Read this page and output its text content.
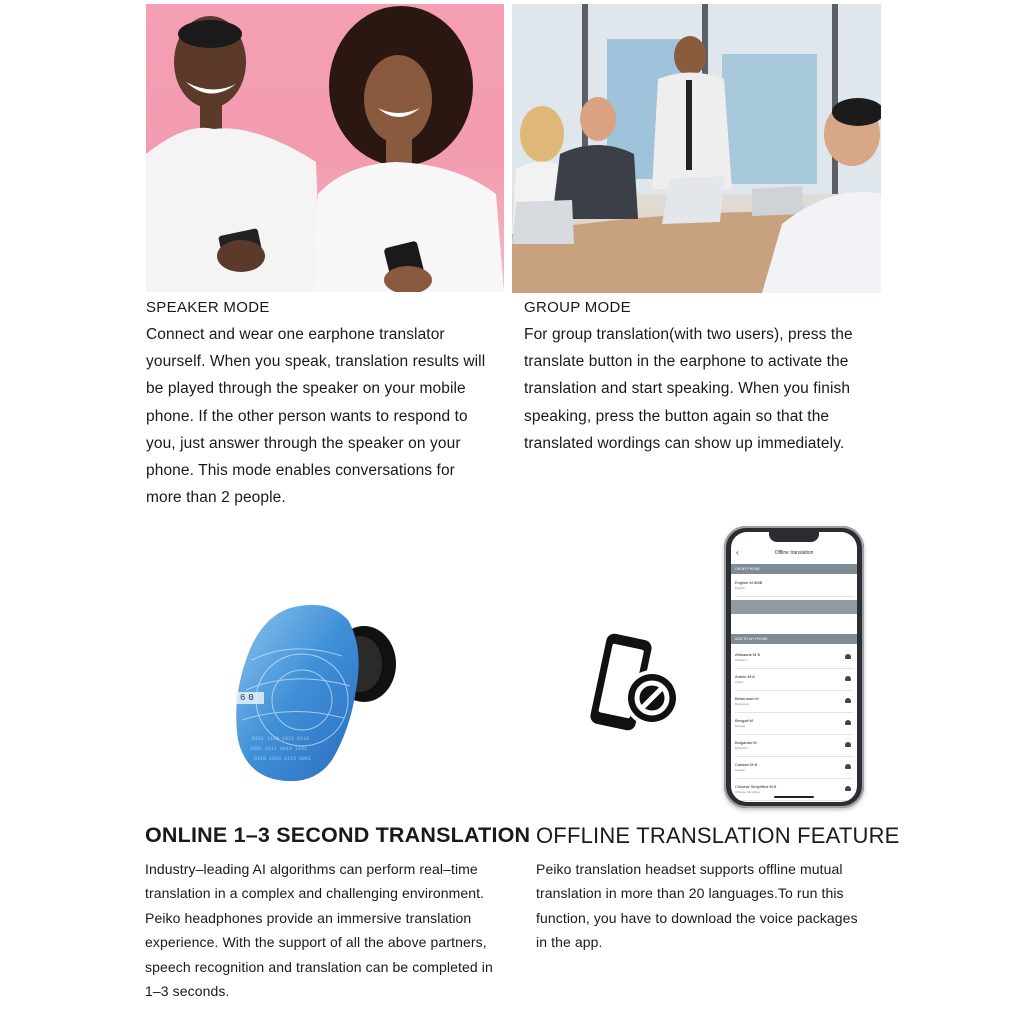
SPEAKER MODE
Connect and wear one earphone translator
yourself. When you speak, translation results will
be played through the speaker on your mobile
phone. If the other person wants to respond to
you, just answer through the speaker on your
phone. This mode enables conversations for
more than 2 people.
GROUP MODE
For group translation(with two users), press the
translate button in the earphone to activate the
translation and start speaking. When you finish
speaking, press the button again so that the
translated wordings can show up immediately.
0101 1100 1011 0110
1001 0111 0010 1101
0110 1010 1110 0001
60
‹	Offline translation
ON MY PHONE
English·M·8MB
English
ADD TO MY PHONE
Afrikaans·M·8
Afrikaans
Arabic·M·8
Arabic
Belarusian·M
Belarusian
Bengali·M
Bengali
Bulgarian·M
Bulgarian
Catalan·M·8
Catalan
Chinese Simplified·M·8
Chinese Simplified
ONLINE 1–3 SECOND TRANSLATION OFFLINE TRANSLATION FEATURE
Industry–leading AI algorithms can perform real–time
translation in a complex and challenging environment.
Peiko headphones provide an immersive translation
experience. With the support of all the above partners,
speech recognition and translation can be completed in
1–3 seconds.
Peiko translation headset supports offline mutual
translation in more than 20 languages.To run this
function, you have to download the voice packages
in the app.
